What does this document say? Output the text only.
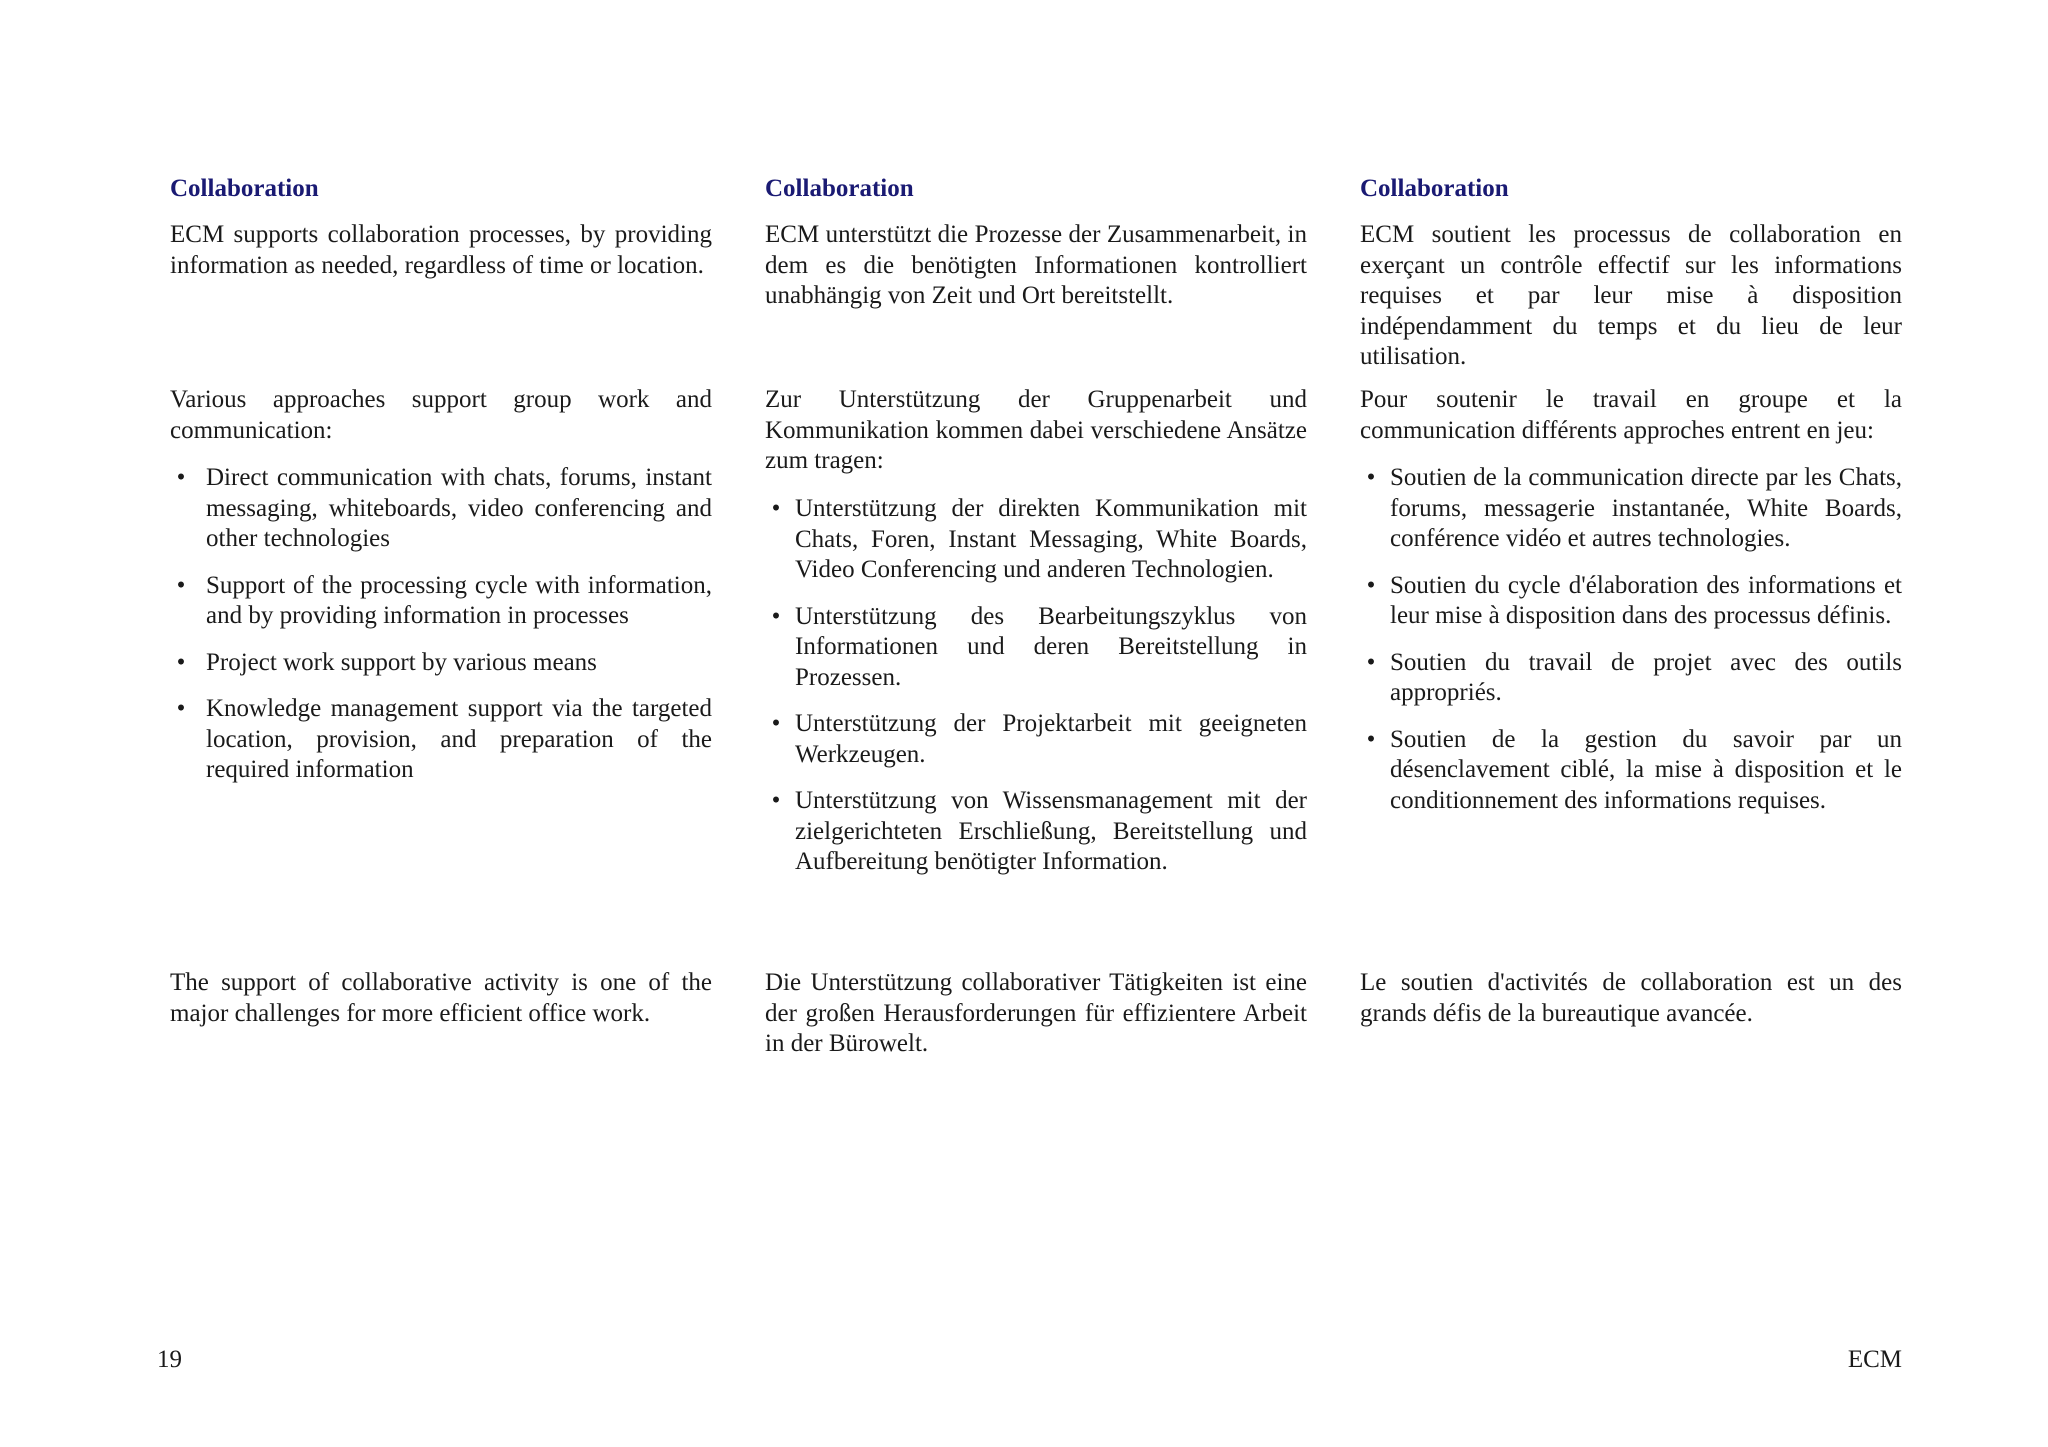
Collaboration

ECM supports collaboration processes, by providing information as needed, regardless of time or location.

Various approaches support group work and communication:

• Direct communication with chats, forums, instant messaging, whiteboards, video conferencing and other technologies
• Support of the processing cycle with information, and by providing information in processes
• Project work support by various means
• Knowledge management support via the targeted location, provision, and preparation of the required information

The support of collaborative activity is one of the major challenges for more efficient office work.

Collaboration

ECM unterstützt die Prozesse der Zusammenarbeit, in dem es die benötigten Informationen kontrolliert unabhängig von Zeit und Ort bereitstellt.

Zur Unterstützung der Gruppenarbeit und Kommunikation kommen dabei verschiedene Ansätze zum tragen:

• Unterstützung der direkten Kommunikation mit Chats, Foren, Instant Messaging, White Boards, Video Conferencing und anderen Technologien.
• Unterstützung des Bearbeitungszyklus von Informationen und deren Bereitstellung in Prozessen.
• Unterstützung der Projektarbeit mit geeigneten Werkzeugen.
• Unterstützung von Wissensmanagement mit der zielgerichteten Erschließung, Bereitstellung und Aufbereitung benötigter Information.

Die Unterstützung collaborativer Tätigkeiten ist eine der großen Herausforderungen für effizientere Arbeit in der Bürowelt.

Collaboration

ECM soutient les processus de collaboration en exerçant un contrôle effectif sur les informations requises et par leur mise à disposition indépendamment du temps et du lieu de leur utilisation.

Pour soutenir le travail en groupe et la communication différents approches entrent en jeu:

• Soutien de la communication directe par les Chats, forums, messagerie instantanée, White Boards, conférence vidéo et autres technologies.
• Soutien du cycle d'élaboration des informations et leur mise à disposition dans des processus définis.
• Soutien du travail de projet avec des outils appropriés.
• Soutien de la gestion du savoir par un désenclavement ciblé, la mise à disposition et le conditionnement des informations requises.

Le soutien d'activités de collaboration est un des grands défis de la bureautique avancée.

19	ECM
